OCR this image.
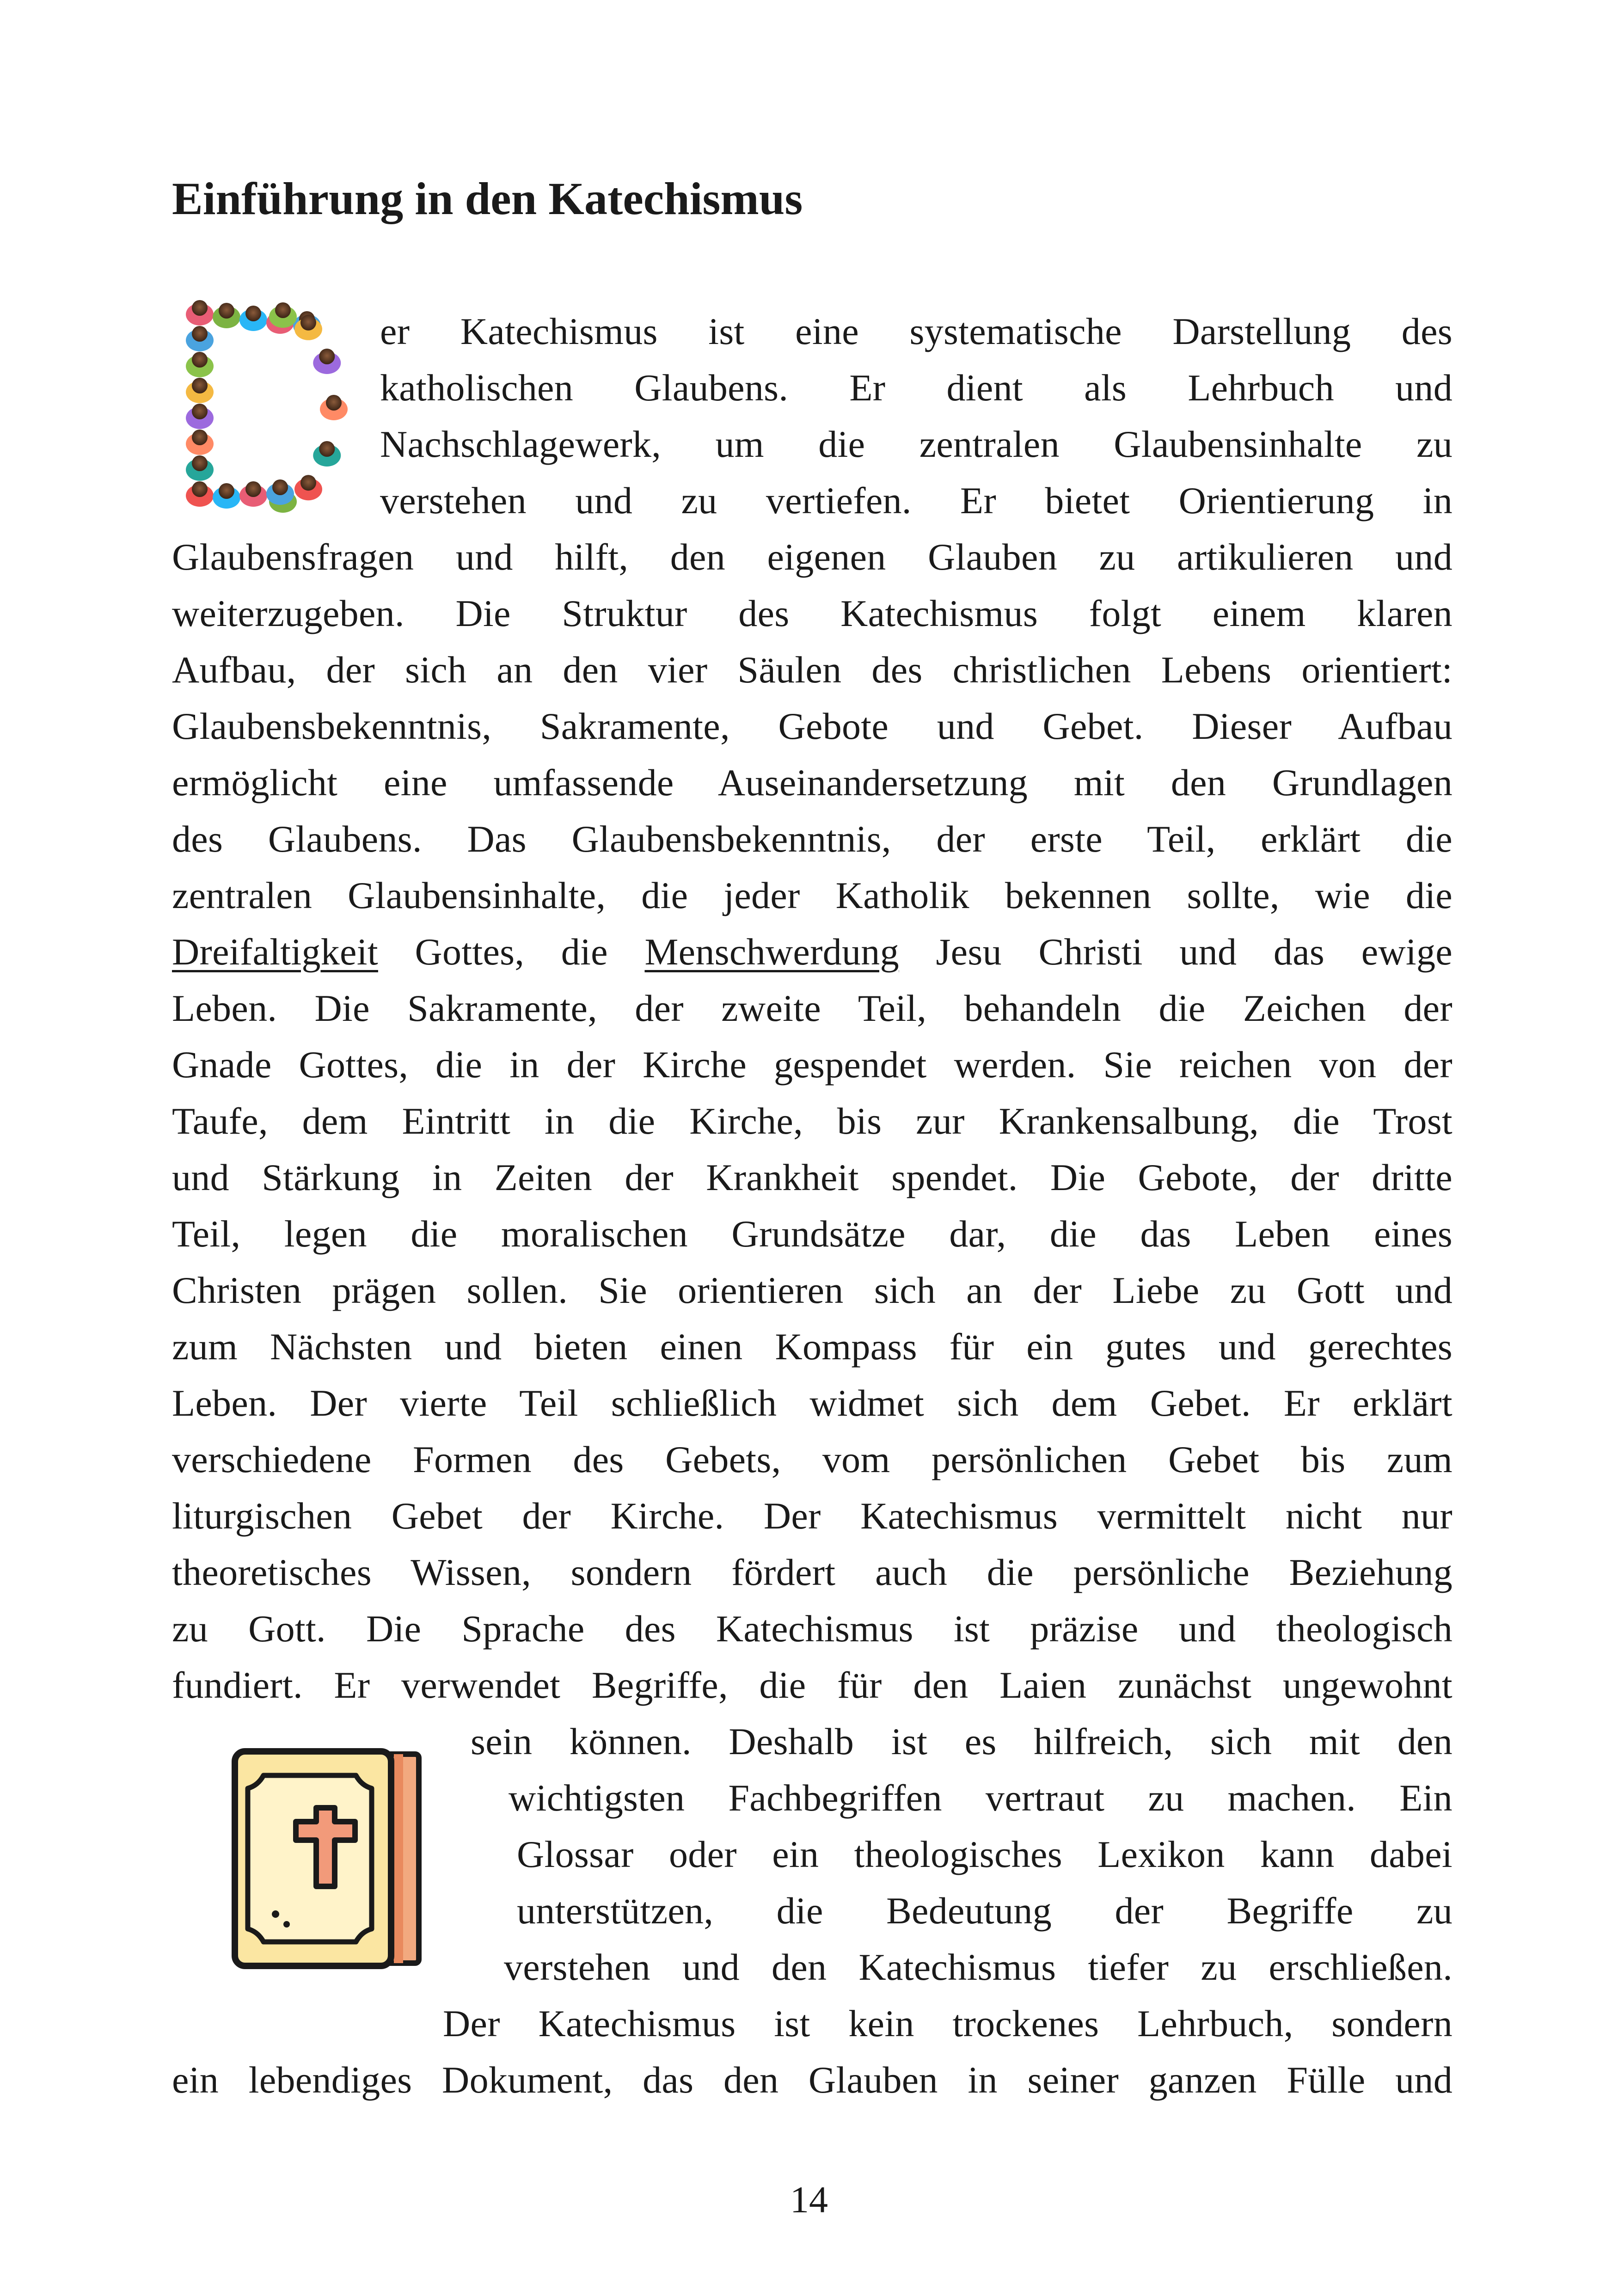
Einführung in den Katechismus

er Katechismus ist eine systematische Darstellung des

katholischen Glaubens. Er dient als Lehrbuch und

Nachschlagewerk, um die zentralen Glaubensinhalte zu

verstehen und zu vertiefen. Er bietet Orientierung in

Glaubensfragen und hilft, den eigenen Glauben zu artikulieren und

weiterzugeben. Die Struktur des Katechismus folgt einem klaren

Aufbau, der sich an den vier Säulen des christlichen Lebens orientiert:

Glaubensbekenntnis, Sakramente, Gebote und Gebet. Dieser Aufbau

ermöglicht eine umfassende Auseinandersetzung mit den Grundlagen

des Glaubens. Das Glaubensbekenntnis, der erste Teil, erklärt die

zentralen Glaubensinhalte, die jeder Katholik bekennen sollte, wie die

Dreifaltigkeit Gottes, die Menschwerdung Jesu Christi und das ewige

Leben. Die Sakramente, der zweite Teil, behandeln die Zeichen der

Gnade Gottes, die in der Kirche gespendet werden. Sie reichen von der

Taufe, dem Eintritt in die Kirche, bis zur Krankensalbung, die Trost

und Stärkung in Zeiten der Krankheit spendet. Die Gebote, der dritte

Teil, legen die moralischen Grundsätze dar, die das Leben eines

Christen prägen sollen. Sie orientieren sich an der Liebe zu Gott und

zum Nächsten und bieten einen Kompass für ein gutes und gerechtes

Leben. Der vierte Teil schließlich widmet sich dem Gebet. Er erklärt

verschiedene Formen des Gebets, vom persönlichen Gebet bis zum

liturgischen Gebet der Kirche. Der Katechismus vermittelt nicht nur

theoretisches Wissen, sondern fördert auch die persönliche Beziehung

zu Gott. Die Sprache des Katechismus ist präzise und theologisch

fundiert. Er verwendet Begriffe, die für den Laien zunächst ungewohnt

sein können. Deshalb ist es hilfreich, sich mit den

wichtigsten Fachbegriffen vertraut zu machen. Ein

Glossar oder ein theologisches Lexikon kann dabei

unterstützen, die Bedeutung der Begriffe zu

verstehen und den Katechismus tiefer zu erschließen.

Der Katechismus ist kein trockenes Lehrbuch, sondern

ein lebendiges Dokument, das den Glauben in seiner ganzen Fülle und

14
